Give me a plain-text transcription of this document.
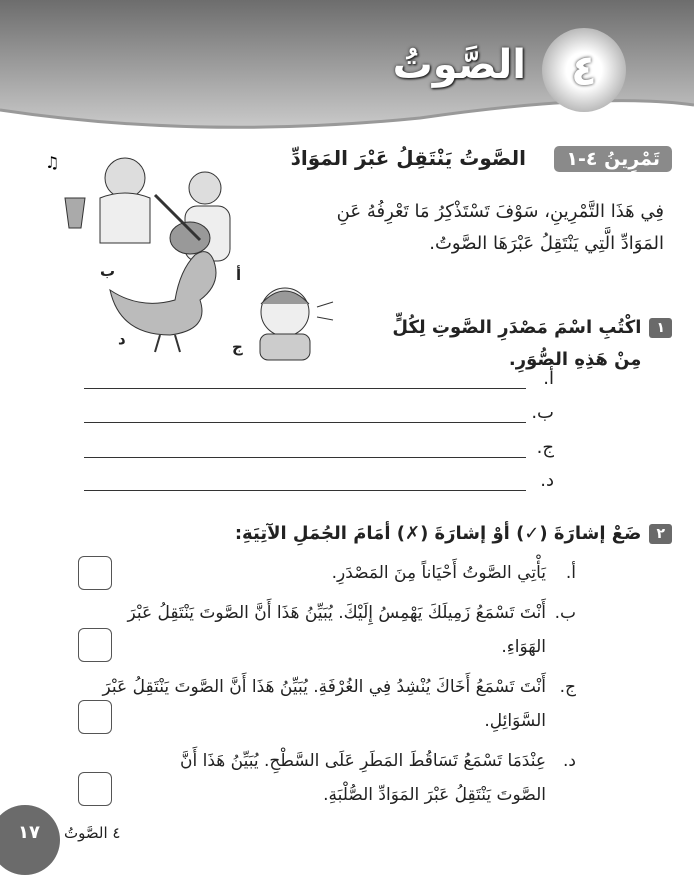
الصَّوتُ	٤
تَمْرِينُ ٤-١
الصَّوتُ يَنْتَقِلُ عَبْرَ المَوَادِّ
فِي هَذَا التَّمْرِينِ، سَوْفَ تَسْتَذْكِرُ مَا تَعْرِفُهُ عَنِ المَوَادِّ الَّتِي يَنْتَقِلُ عَبْرَهَا الصَّوتُ.
أ
♫
ب
ج
د
١
اكْتُبِ اسْمَ مَصْدَرِ الصَّوتِ لِكُلٍّ مِنْ هَذِهِ الصُّوَرِ.
أ.
ب.
ج.
د.
٢
ضَعْ إشارَةَ (✓) أوْ إشارَةَ (✗) أمَامَ الجُمَلِ الآتِيَةِ:
أ.
يَأْتِي الصَّوتُ أَحْيَاناً مِنَ المَصْدَرِ.
ب.
أَنْتَ تَسْمَعُ زَمِيلَكَ يَهْمِسُ إِلَيْكَ. يُبَيِّنُ هَذَا أَنَّ الصَّوتَ يَنْتَقِلُ عَبْرَ الهَوَاءِ.
ج.
أَنْتَ تَسْمَعُ أَخَاكَ يُنْشِدُ فِي الغُرْفَةِ. يُبَيِّنُ هَذَا أَنَّ الصَّوتَ يَنْتَقِلُ عَبْرَ السَّوَائِلِ.
د.
عِنْدَمَا تَسْمَعُ تَسَاقُطَ المَطَرِ عَلَى السَّطْحِ. يُبَيِّنُ هَذَا أَنَّ الصَّوتَ يَنْتَقِلُ عَبْرَ المَوَادِّ الصُّلْبَةِ.
١٧ ٤ الصَّوتُ
